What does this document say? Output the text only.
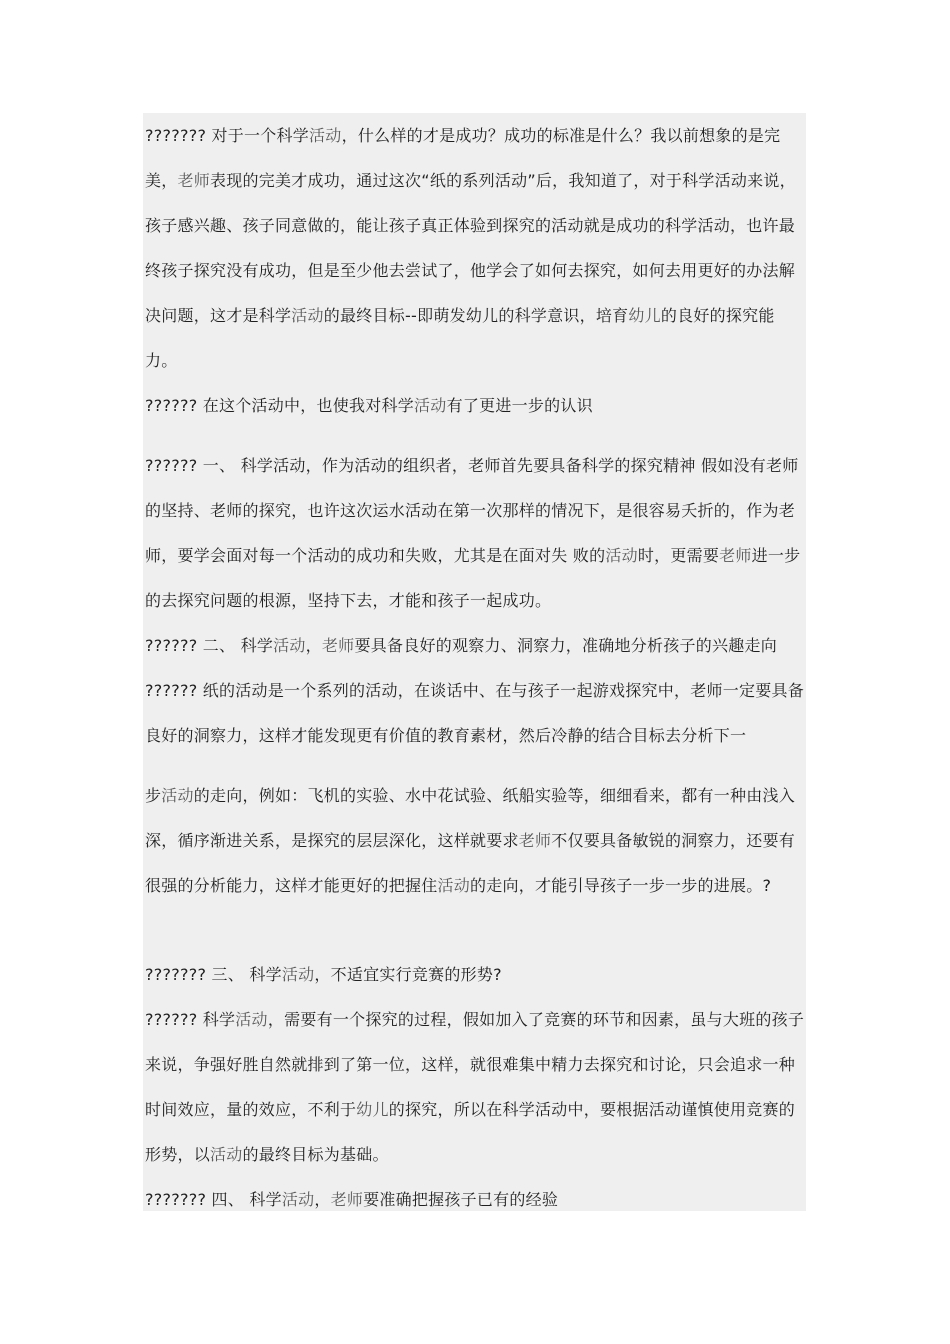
??????? 对于一个科学活动，什么样的才是成功？成功的标准是什么？我以前想象的是完美，老师表现的完美才成功，通过这次“纸的系列活动”后，我知道了，对于科学活动来说，孩子感兴趣、孩子同意做的，能让孩子真正体验到探究的活动就是成功的科学活动，也许最终孩子探究没有成功，但是至少他去尝试了，他学会了如何去探究，如何去用更好的办法解决问题，这才是科学活动的最终目标--即萌发幼儿的科学意识，培育幼儿的良好的探究能力。

?????? 在这个活动中，也使我对科学活动有了更进一步的认识

?????? 一、 科学活动，作为活动的组织者，老师首先要具备科学的探究精神 假如没有老师的坚持、老师的探究，也许这次运水活动在第一次那样的情况下，是很容易夭折的，作为老师，要学会面对每一个活动的成功和失败，尤其是在面对失 败的活动时，更需要老师进一步的去探究问题的根源，坚持下去，才能和孩子一起成功。

?????? 二、 科学活动，老师要具备良好的观察力、洞察力，准确地分析孩子的兴趣走向

?????? 纸的活动是一个系列的活动，在谈话中、在与孩子一起游戏探究中，老师一定要具备良好的洞察力，这样才能发现更有价值的教育素材，然后冷静的结合目标去分析下一

步活动的走向，例如：飞机的实验、水中花试验、纸船实验等，细细看来，都有一种由浅入深，循序渐进关系，是探究的层层深化，这样就要求老师不仅要具备敏锐的洞察力，还要有很强的分析能力，这样才能更好的把握住活动的走向，才能引导孩子一步一步的进展。?

??????? 三、 科学活动，不适宜实行竞赛的形势?

?????? 科学活动，需要有一个探究的过程，假如加入了竞赛的环节和因素，虽与大班的孩子来说，争强好胜自然就排到了第一位，这样，就很难集中精力去探究和讨论，只会追求一种时间效应，量的效应，不利于幼儿的探究，所以在科学活动中，要根据活动谨慎使用竞赛的形势，以活动的最终目标为基础。

??????? 四、 科学活动，老师要准确把握孩子已有的经验
